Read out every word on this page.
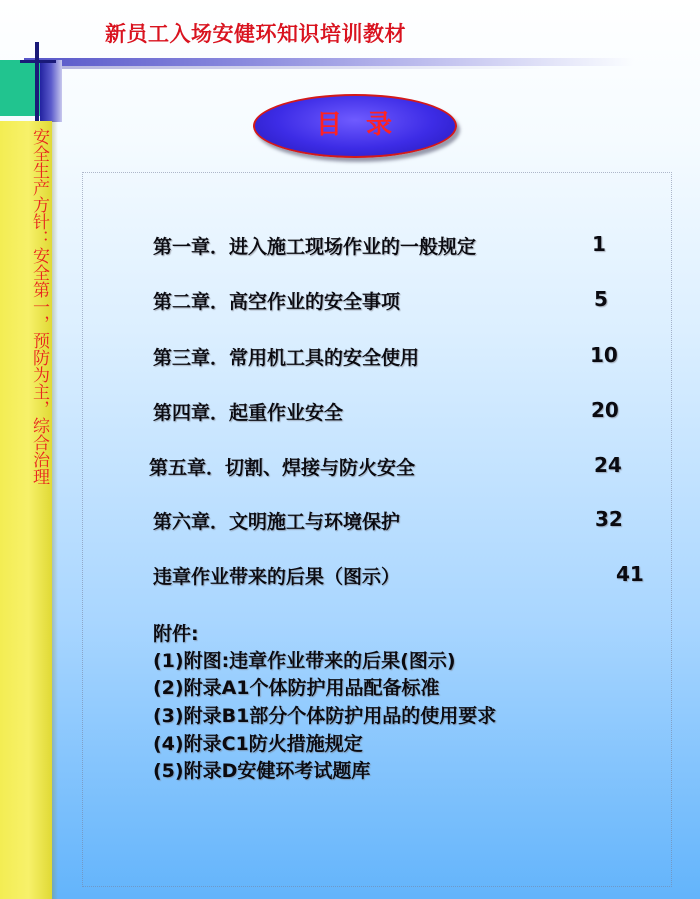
新员工入场安健环知识培训教材
安全生产方针：安全第一，预防为主，综合治理
目  录
第一章．进入施工现场作业的一般规定	1
第二章．高空作业的安全事项	5
第三章．常用机工具的安全使用	10
第四章．起重作业安全	20
第五章．切割、焊接与防火安全	24
第六章．文明施工与环境保护	32
违章作业带来的后果（图示）	41
附件:
(1)附图:违章作业带来的后果(图示)
(2)附录A1个体防护用品配备标准
(3)附录B1部分个体防护用品的使用要求
(4)附录C1防火措施规定
(5)附录D安健环考试题库
